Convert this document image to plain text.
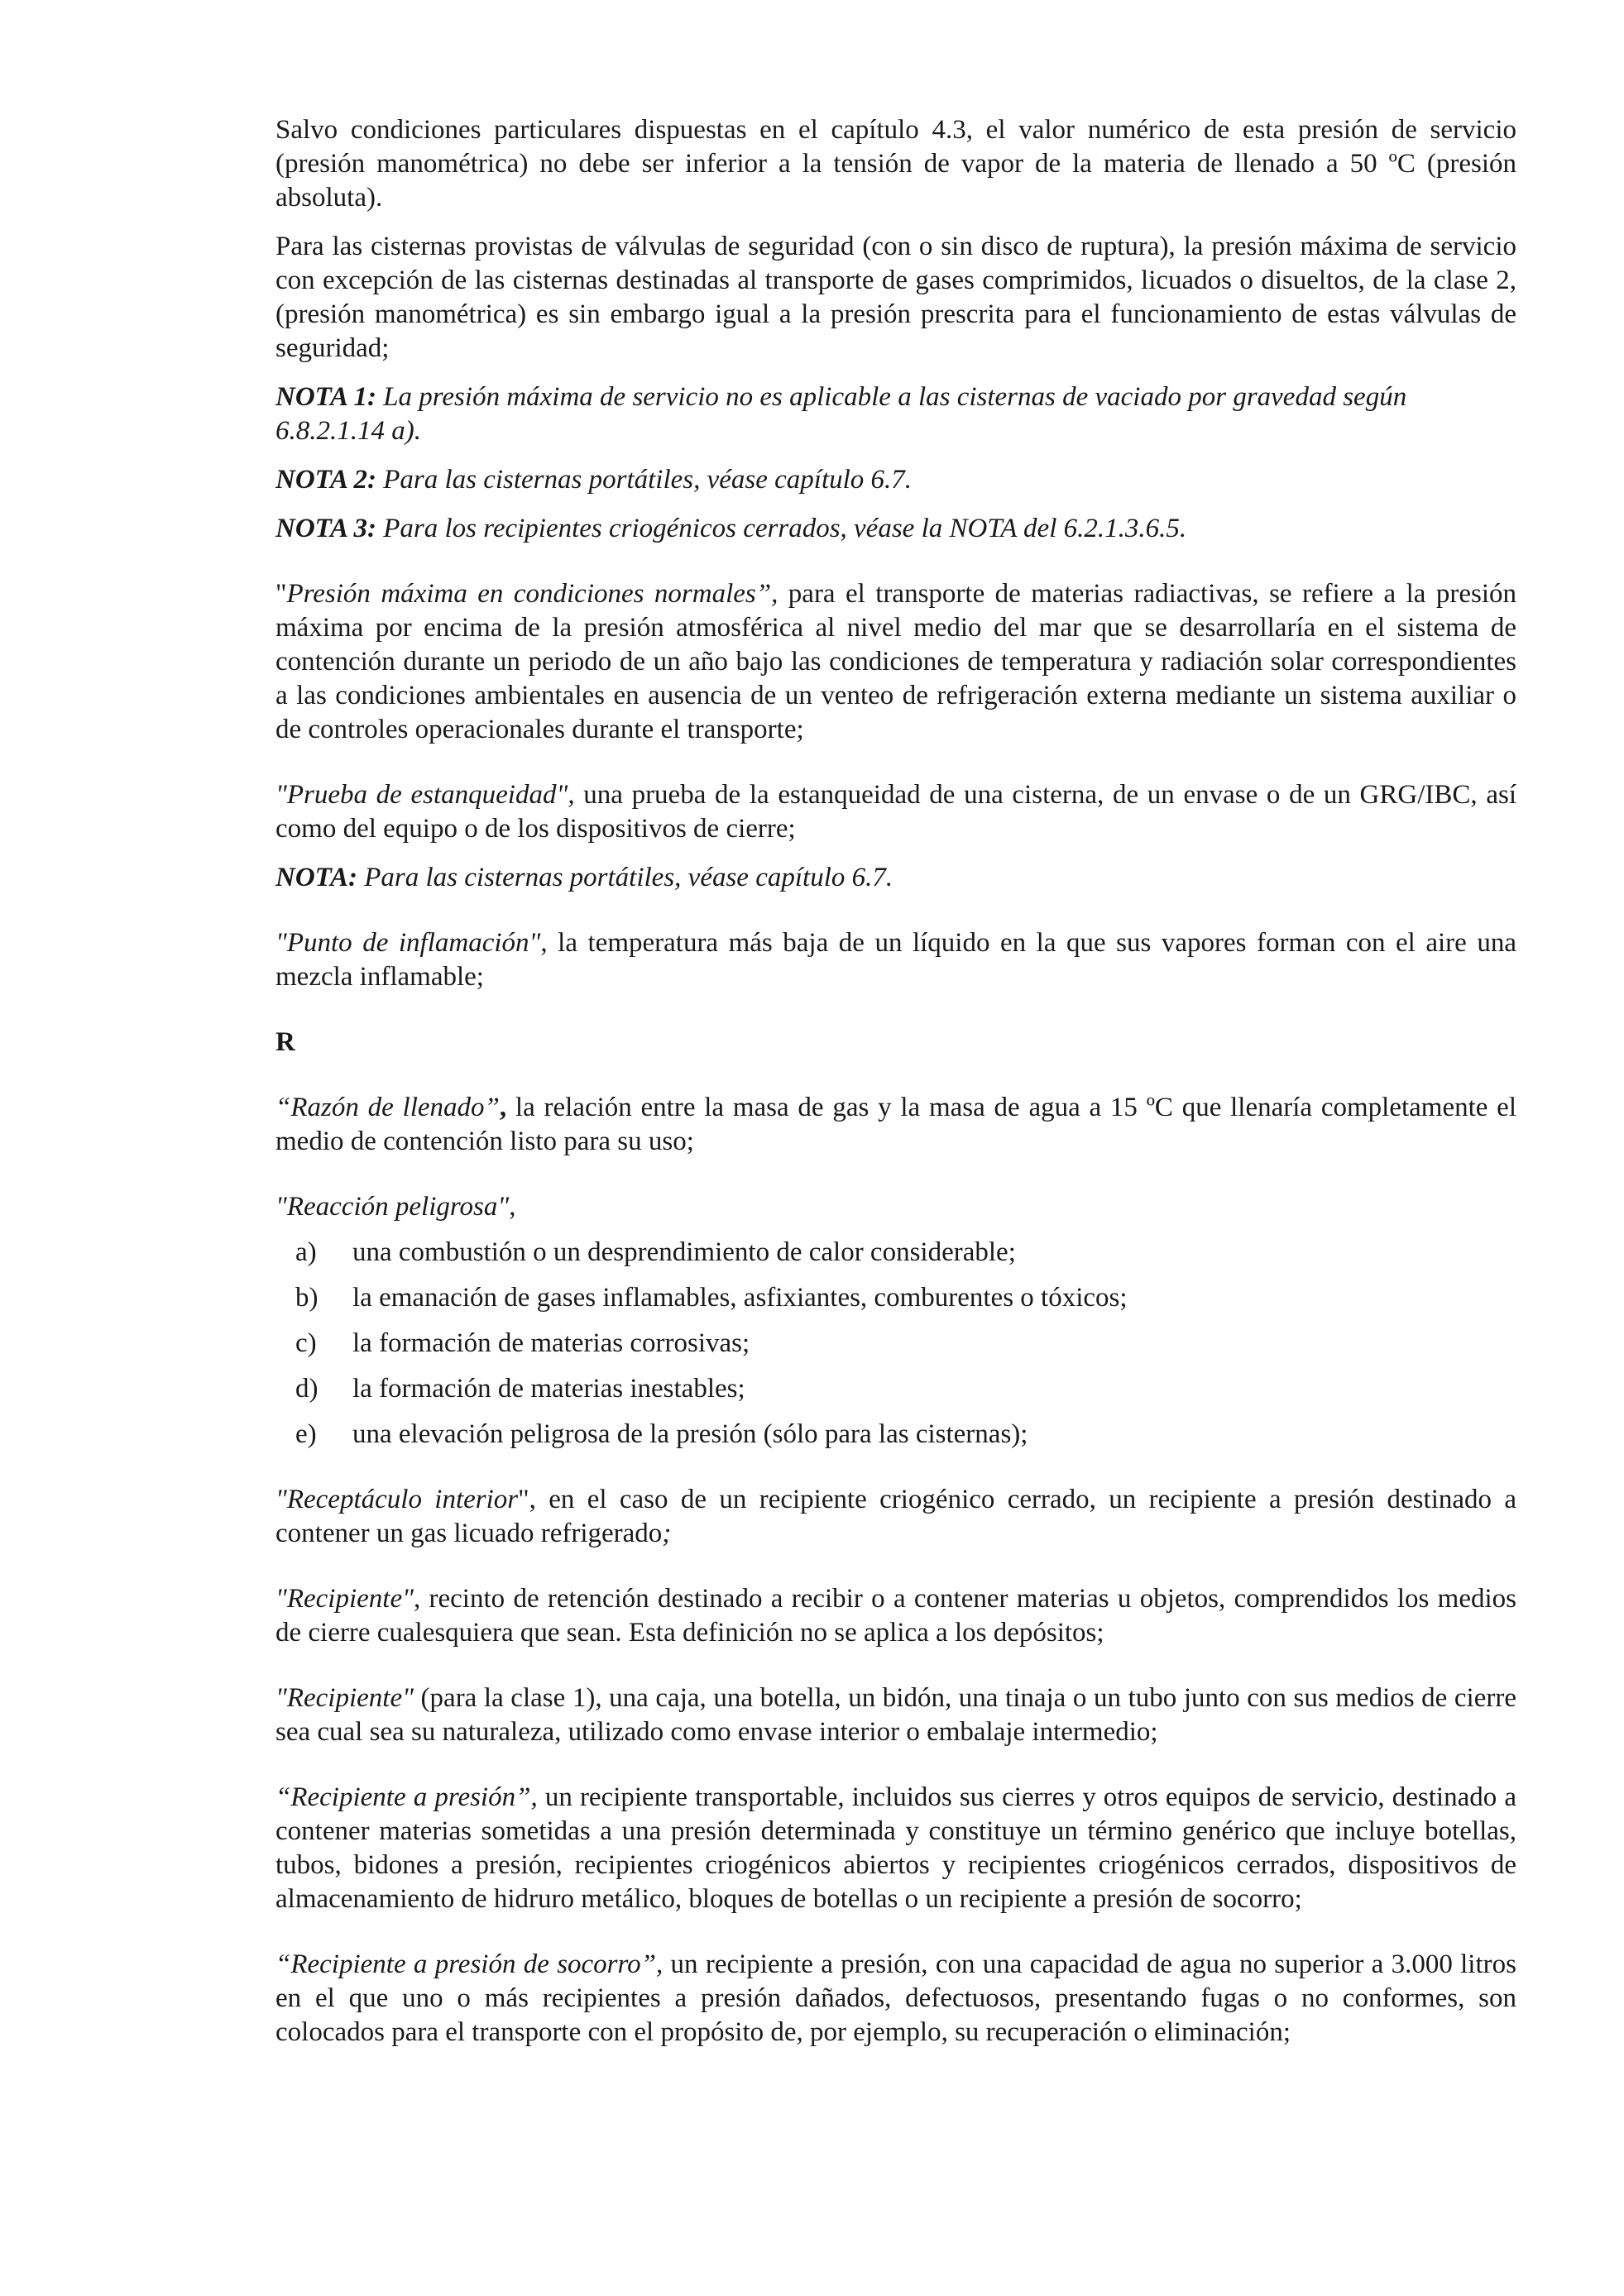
Salvo condiciones particulares dispuestas en el capítulo 4.3, el valor numérico de esta presión de servicio (presión manométrica) no debe ser inferior a la tensión de vapor de la materia de llenado a 50 ºC (presión absoluta).

Para las cisternas provistas de válvulas de seguridad (con o sin disco de ruptura), la presión máxima de servicio con excepción de las cisternas destinadas al transporte de gases comprimidos, licuados o disueltos, de la clase 2, (presión manométrica) es sin embargo igual a la presión prescrita para el funcionamiento de estas válvulas de seguridad;

NOTA 1: La presión máxima de servicio no es aplicable a las cisternas de vaciado por gravedad según 6.8.2.1.14 a).

NOTA 2: Para las cisternas portátiles, véase capítulo 6.7.

NOTA 3: Para los recipientes criogénicos cerrados, véase la NOTA del 6.2.1.3.6.5.

"Presión máxima en condiciones normales”, para el transporte de materias radiactivas, se refiere a la presión máxima por encima de la presión atmosférica al nivel medio del mar que se desarrollaría en el sistema de contención durante un periodo de un año bajo las condiciones de temperatura y radiación solar correspondientes a las condiciones ambientales en ausencia de un venteo de refrigeración externa mediante un sistema auxiliar o de controles operacionales durante el transporte;

"Prueba de estanqueidad", una prueba de la estanqueidad de una cisterna, de un envase o de un GRG/IBC, así como del equipo o de los dispositivos de cierre;

NOTA: Para las cisternas portátiles, véase capítulo 6.7.

"Punto de inflamación", la temperatura más baja de un líquido en la que sus vapores forman con el aire una mezcla inflamable;

R

“Razón de llenado”, la relación entre la masa de gas y la masa de agua a 15 ºC que llenaría completamente el medio de contención listo para su uso;

"Reacción peligrosa",

a)	una combustión o un desprendimiento de calor considerable;
b)	la emanación de gases inflamables, asfixiantes, comburentes o tóxicos;
c)	la formación de materias corrosivas;
d)	la formación de materias inestables;
e)	una elevación peligrosa de la presión (sólo para las cisternas);

"Receptáculo interior", en el caso de un recipiente criogénico cerrado, un recipiente a presión destinado a contener un gas licuado refrigerado;

"Recipiente", recinto de retención destinado a recibir o a contener materias u objetos, comprendidos los medios de cierre cualesquiera que sean. Esta definición no se aplica a los depósitos;

"Recipiente" (para la clase 1), una caja, una botella, un bidón, una tinaja o un tubo junto con sus medios de cierre sea cual sea su naturaleza, utilizado como envase interior o embalaje intermedio;

“Recipiente a presión”, un recipiente transportable, incluidos sus cierres y otros equipos de servicio, destinado a contener materias sometidas a una presión determinada y constituye un término genérico que incluye botellas, tubos, bidones a presión, recipientes criogénicos abiertos y recipientes criogénicos cerrados, dispositivos de almacenamiento de hidruro metálico, bloques de botellas o un recipiente a presión de socorro;

“Recipiente a presión de socorro”, un recipiente a presión, con una capacidad de agua no superior a 3.000 litros en el que uno o más recipientes a presión dañados, defectuosos, presentando fugas o no conformes, son colocados para el transporte con el propósito de, por ejemplo, su recuperación o eliminación;
